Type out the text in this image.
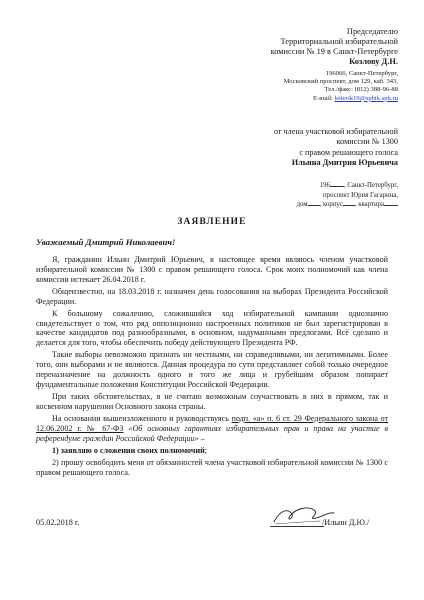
Председателю
Территориальной избирательной
комиссии № 19 в Санкт-Петербурге
Козлову Д.Н.
196066, Санкт-Петербург,
Московский проспект, дом 129, каб. 343,
Тел./факс: (812) 388-96-88
E-mail: letterik19@spbik.spb.ru
от члена участковой избирательной
комиссии № 1300
с правом решающего голоса
Ильина Дмитрия Юрьевича
196 , Санкт-Петербург,
проспект Юрия Гагарина,
дом , корпус , квартира
ЗАЯВЛЕНИЕ
Уважаемый Дмитрий Николаевич!

Я, гражданин Ильин Дмитрий Юрьевич, в настоящее время являюсь членом участковой избирательной комиссии № 1300 с правом решающего голоса. Срок моих полномочий как члена комиссии истекает 26.04.2018 г.

Общеизвестно, на 18.03.2018 г. назначен день голосования на выборах Президента Российской Федерации.

К большому сожалению, сложившийся ход избирательной кампании однозначно свидетельствует о том, что ряд оппозиционно настроенных политиков не был зарегистрирован в качестве кандидатов под разнообразными, в основном, надуманными предлогами. Всё сделано и делается для того, чтобы обеспечить победу действующего Президента РФ.

Такие выборы невозможно признать ни честными, ни справедливыми, ни легитимными. Более того, они выборами и не являются. Данная процедура по сути представляет собой только очередное переназначение на должность одного и того же лица и грубейшим образом попирает фундаментальные положения Конституции Российской Федерации.

При таких обстоятельствах, я не считаю возможным соучаствовать в них в прямом, так и косвенном нарушении Основного закона страны.

На основании вышеизложенного и руководствуясь подп. «а» п. 6 ст. 29 Федерального закона от 12.06.2002 г. № 67-ФЗ «Об основных гарантиях избирательных прав и права на участие в референдуме граждан Российской Федерации» –

1) заявляю о сложении своих полномочий;

2) прошу освободить меня от обязанностей члена участковой избирательной комиссии № 1300 с правом решающего голоса.

05.02.2018 г.	/Ильин Д.Ю./
